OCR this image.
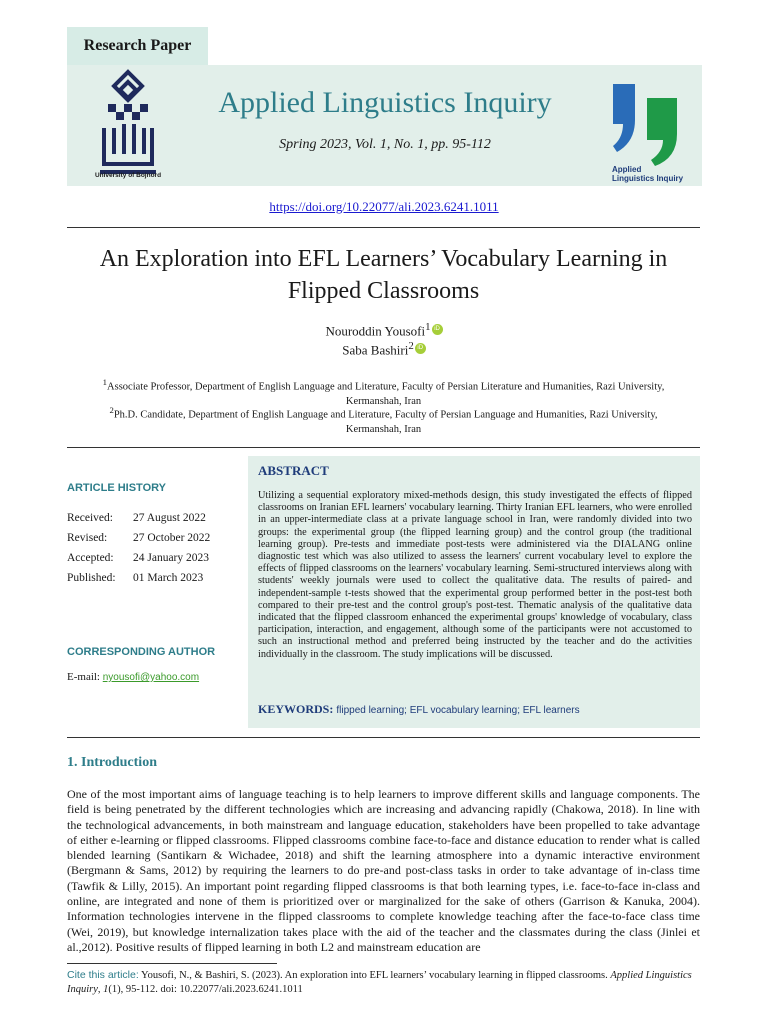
Research Paper
University of Bojnord
Applied Linguistics Inquiry
Spring 2023, Vol. 1, No. 1, pp. 95-112
Applied
Linguistics Inquiry
https://doi.org/10.22077/ali.2023.6241.1011
An Exploration into EFL Learners’ Vocabulary Learning in
Flipped Classrooms
Nouroddin Yousofi$^1$ iD
Saba Bashiri$^2$ iD
$^1$Associate Professor, Department of English Language and Literature, Faculty of Persian Literature and Humanities, Razi University,
Kermanshah, Iran
$^2$Ph.D. Candidate, Department of English Language and Literature, Faculty of Persian Language and Humanities, Razi University,
Kermanshah, Iran
ARTICLE HISTORY
Received: 27 August 2022
Revised: 27 October 2022
Accepted: 24 January 2023
Published: 01 March 2023
CORRESPONDING AUTHOR
E-mail: nyousofi@yahoo.com
ABSTRACT
Utilizing a sequential exploratory mixed-methods design, this study investigated the effects of flipped classrooms on Iranian EFL learners' vocabulary learning. Thirty Iranian EFL learners, who were enrolled in an upper-intermediate class at a private language school in Iran, were randomly divided into two groups: the experimental group (the flipped learning group) and the control group (the traditional learning group). Pre-tests and immediate post-tests were administered via the DIALANG online diagnostic test which was also utilized to assess the learners' current vocabulary level to explore the effects of flipped classrooms on the learners' vocabulary learning. Semi-structured interviews along with students' weekly journals were used to collect the qualitative data. The results of paired- and independent-sample t-tests showed that the experimental group performed better in the post-test both compared to their pre-test and the control group's post-test. Thematic analysis of the qualitative data indicated that the flipped classroom enhanced the experimental groups' knowledge of vocabulary, class participation, interaction, and engagement, although some of the participants were not accustomed to such an instructional method and preferred being instructed by the teacher and do the activities individually in the classroom. The study implications will be discussed.
KEYWORDS: flipped learning; EFL vocabulary learning; EFL learners
1. Introduction
One of the most important aims of language teaching is to help learners to improve different skills and language components. The field is being penetrated by the different technologies which are increasing and advancing rapidly (Chakowa, 2018). In line with the technological advancements, in both mainstream and language education, stakeholders have been propelled to take advantage of either e-learning or flipped classrooms. Flipped classrooms combine face-to-face and distance education to render what is called blended learning (Santikarn & Wichadee, 2018) and shift the learning atmosphere into a dynamic interactive environment (Bergmann & Sams, 2012) by requiring the learners to do pre-and post-class tasks in order to take advantage of in-class time (Tawfik & Lilly, 2015). An important point regarding flipped classrooms is that both learning types, i.e. face-to-face in-class and online, are integrated and none of them is prioritized over or marginalized for the sake of others (Garrison & Kanuka, 2004). Information technologies intervene in the flipped classrooms to complete knowledge teaching after the face-to-face class time (Wei, 2019), but knowledge internalization takes place with the aid of the teacher and the classmates during the class (Jinlei et al.,2012). Positive results of flipped learning in both L2 and mainstream education are
Cite this article: Yousofi, N., & Bashiri, S. (2023). An exploration into EFL learners’ vocabulary learning in flipped classrooms. Applied Linguistics Inquiry, 1(1), 95-112. doi: 10.22077/ali.2023.6241.1011
